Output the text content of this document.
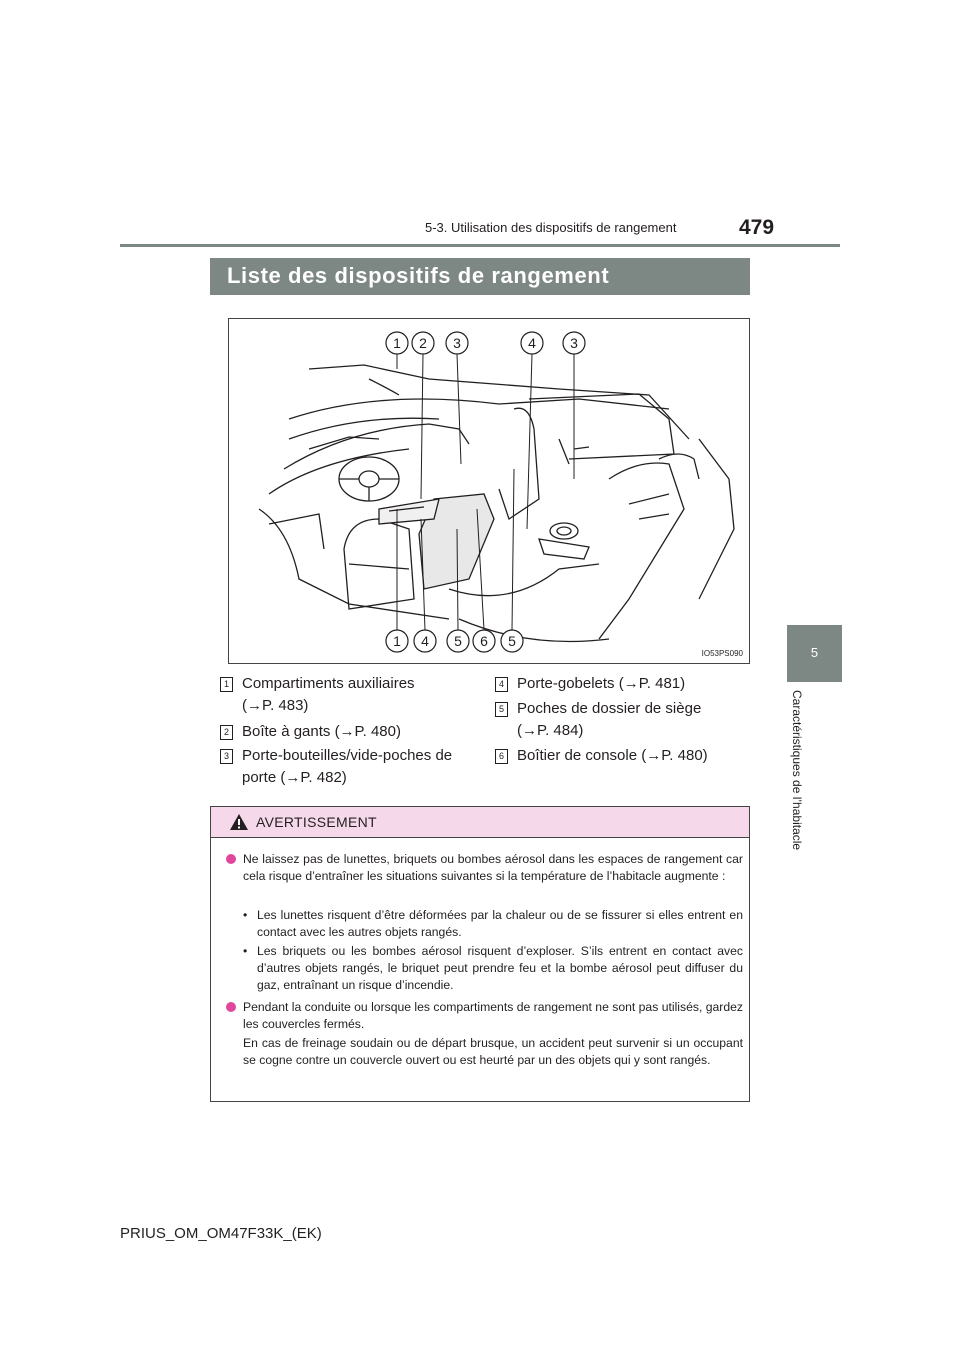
5-3. Utilisation des dispositifs de rangement	479
5
Caractéristiques de l’habitacle
Liste des dispositifs de rangement
1 2 3	4 3
1 4 5 6 5
IO53PS090
1 Compartiments auxiliaires
(→P. 483)
2 Boîte à gants (→P. 480)
3 Porte-bouteilles/vide-poches de
porte (→P. 482)
4 Porte-gobelets (→P. 481)
5 Poches de dossier de siège
(→P. 484)
6 Boîtier de console (→P. 480)
AVERTISSEMENT
Ne laissez pas de lunettes, briquets ou bombes aérosol dans les espaces de rangement car cela risque d’entraîner les situations suivantes si la température de l’habitacle augmente :
• Les lunettes risquent d’être déformées par la chaleur ou de se fissurer si elles entrent en contact avec les autres objets rangés.
• Les briquets ou les bombes aérosol risquent d’exploser. S’ils entrent en contact avec d’autres objets rangés, le briquet peut prendre feu et la bombe aérosol peut diffuser du gaz, entraînant un risque d’incendie.
Pendant la conduite ou lorsque les compartiments de rangement ne sont pas utilisés, gardez les couvercles fermés.
En cas de freinage soudain ou de départ brusque, un accident peut survenir si un occupant se cogne contre un couvercle ouvert ou est heurté par un des objets qui y sont rangés.
PRIUS_OM_OM47F33K_(EK)
